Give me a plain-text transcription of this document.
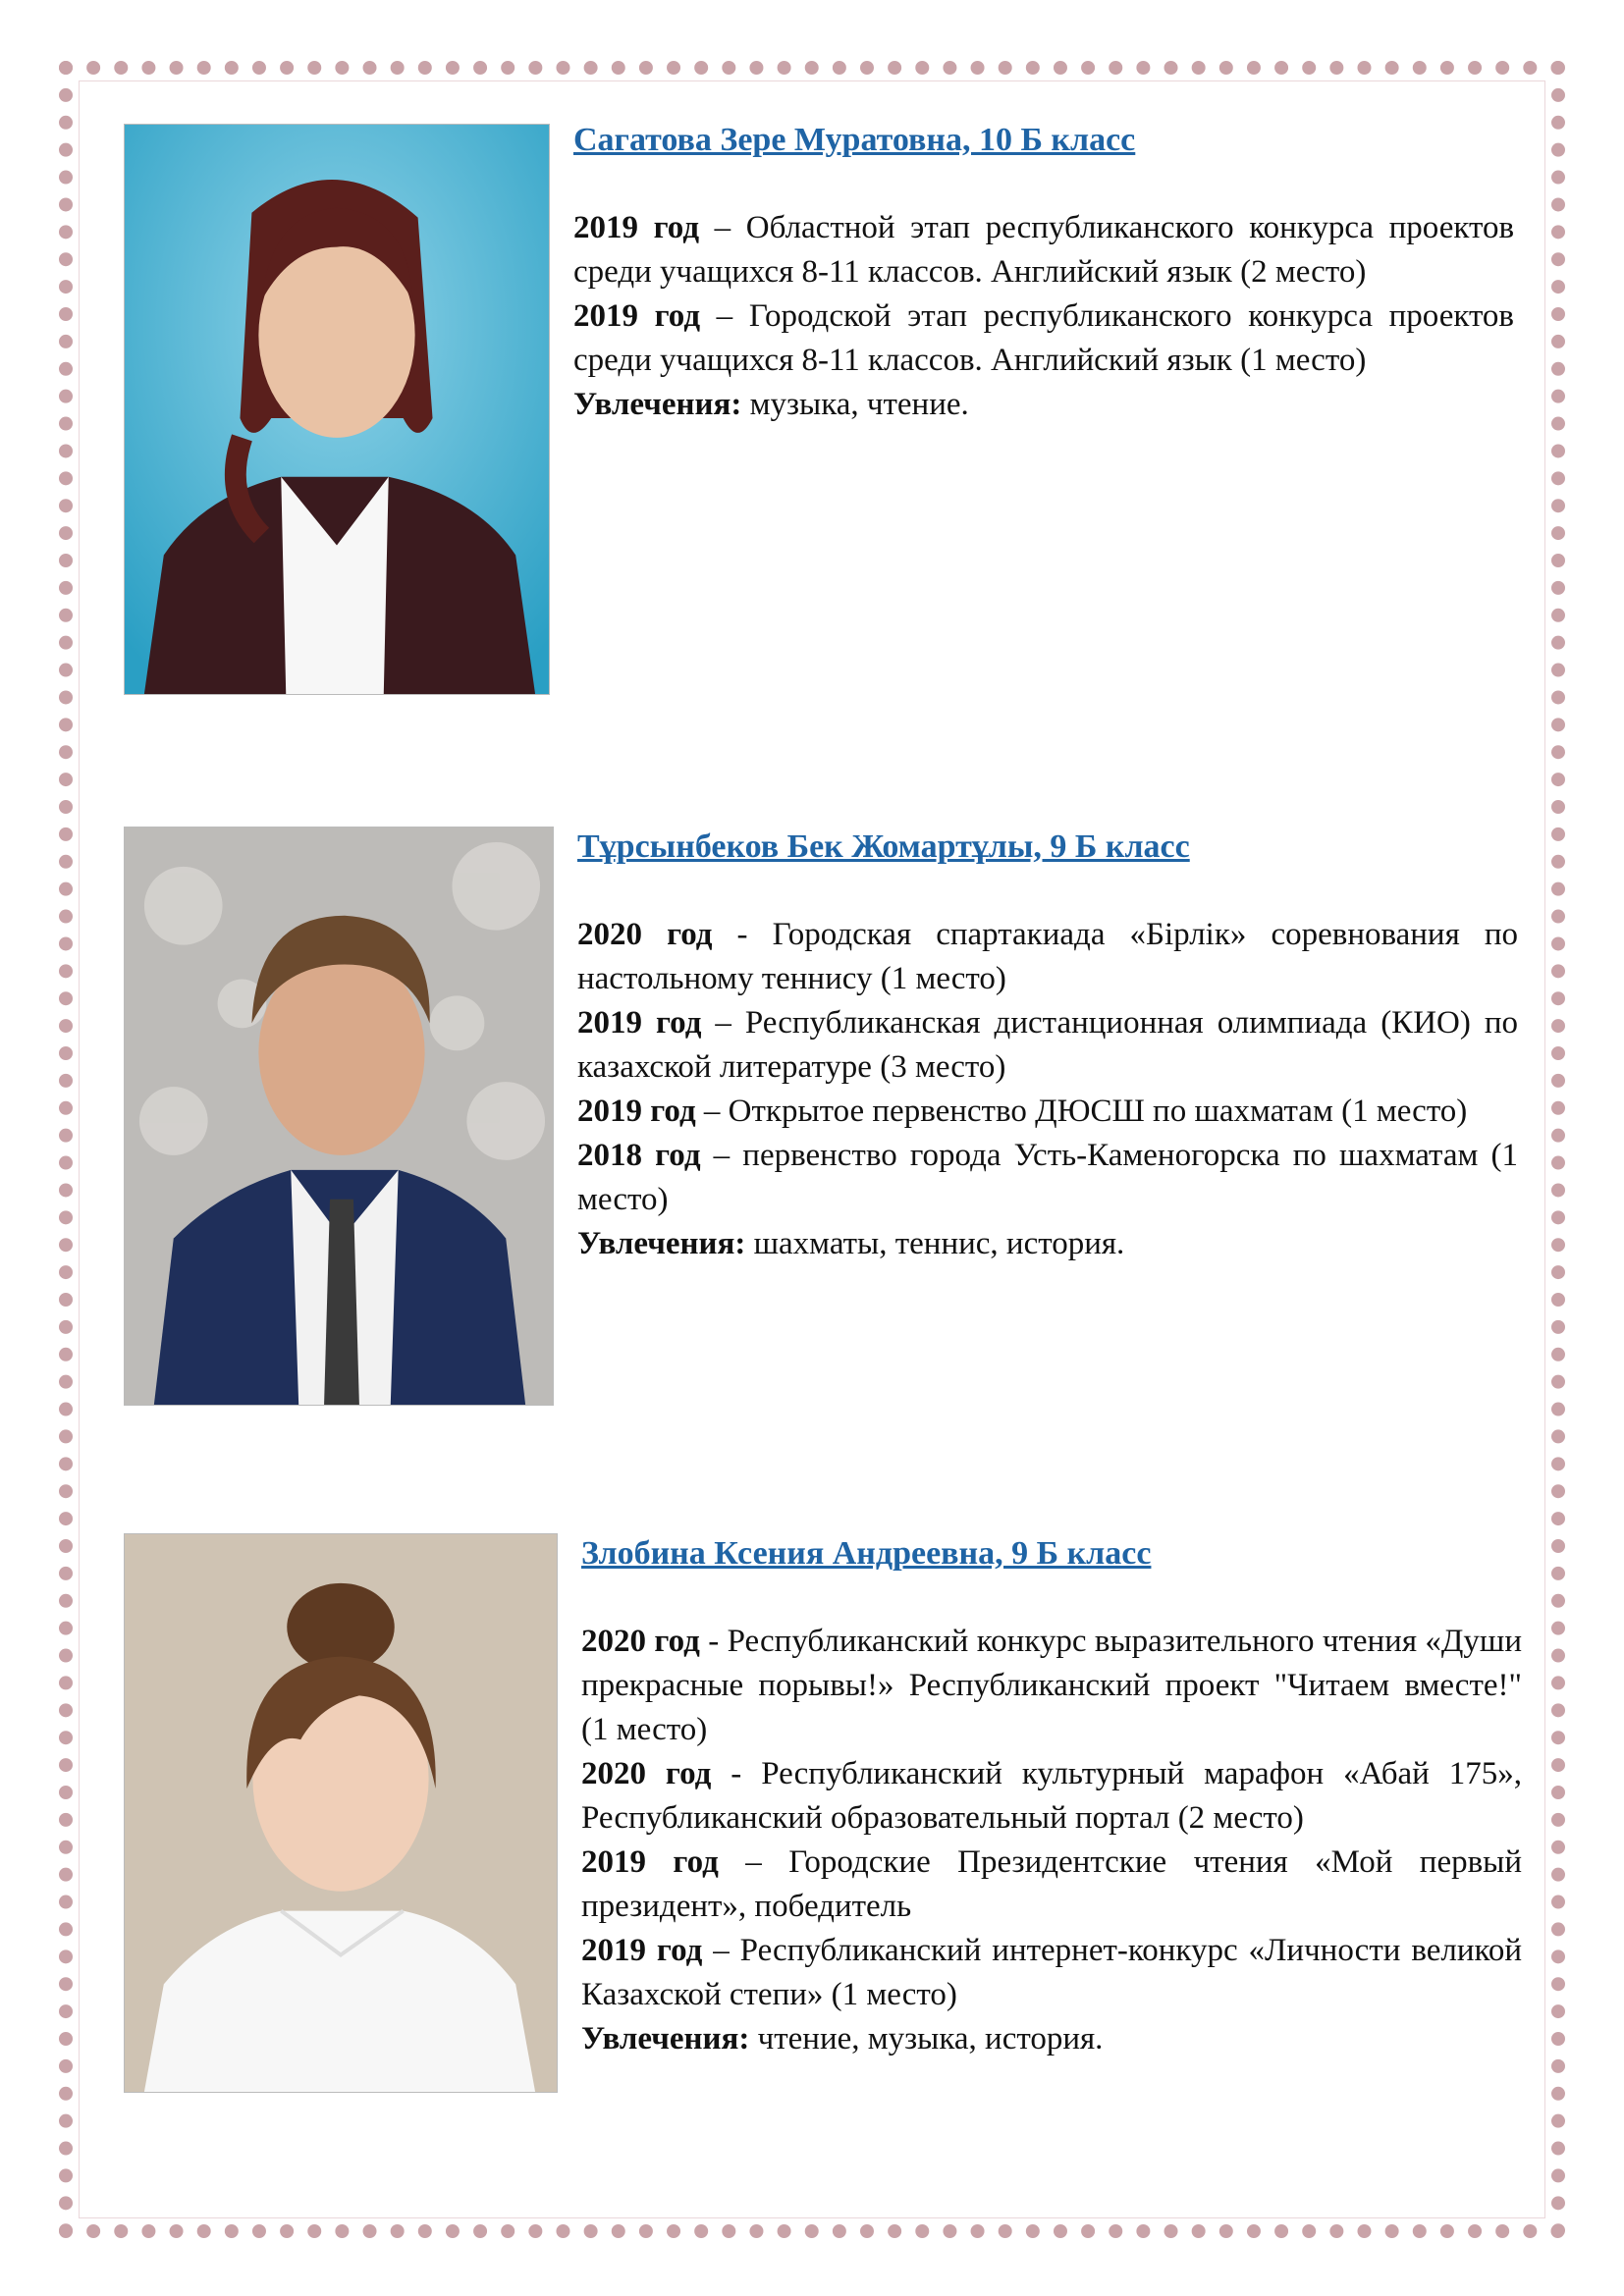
Сагатова Зере Муратовна, 10 Б класс

2019 год – Областной этап республиканского конкурса проектов среди учащихся 8-11 классов. Английский язык (2 место)

2019 год – Городской этап республиканского конкурса проектов среди учащихся 8-11 классов. Английский язык (1 место)

Увлечения: музыка, чтение.

Тұрсынбеков Бек Жомартұлы, 9 Б класс

2020 год - Городская спартакиада «Бірлік» соревнования по настольному теннису (1 место)

2019 год – Республиканская дистанционная олимпиада (КИО) по казахской литературе (3 место)

2019 год – Открытое первенство ДЮСШ по шахматам (1 место)

2018 год – первенство города Усть-Каменогорска по шахматам (1 место)

Увлечения: шахматы, теннис, история.

Злобина Ксения Андреевна, 9 Б класс

2020 год - Республиканский конкурс выразительного чтения «Души прекрасные порывы!» Республиканский проект "Читаем вместе!" (1 место)

2020 год - Республиканский культурный марафон «Абай 175», Республиканский образовательный портал (2 место)

2019 год – Городские Президентские чтения «Мой первый президент», победитель

2019 год – Республиканский интернет-конкурс «Личности великой Казахской степи» (1 место)

Увлечения: чтение, музыка, история.
